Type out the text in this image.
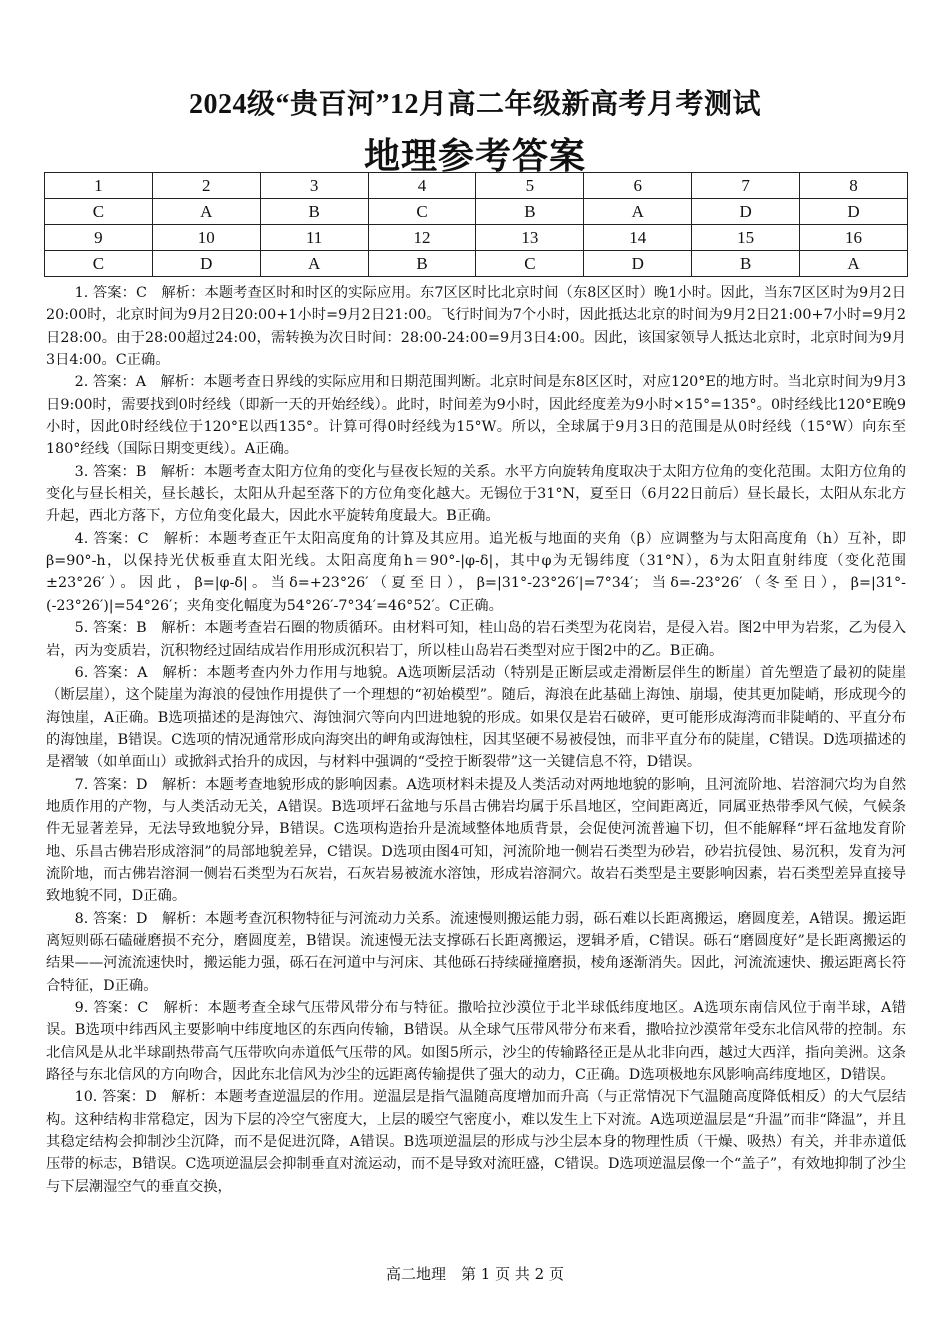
2024级“贵百河”12月高二年级新高考月考测试
地理参考答案
1	2	3	4	5	6	7	8
C	A	B	C	B	A	D	D
9	10	11	12	13	14	15	16
C	D	A	B	C	D	B	A

1. 答案：C　解析：本题考查区时和时区的实际应用。东7区区时比北京时间（东8区区时）晚1小时。因此，当东7区区时为9月2日20:00时，北京时间为9月2日20:00+1小时=9月2日21:00。飞行时间为7个小时，因此抵达北京的时间为9月2日21:00+7小时=9月2日28:00。由于28:00超过24:00，需转换为次日时间：28:00-24:00=9月3日4:00。因此，该国家领导人抵达北京时，北京时间为9月3日4:00。C正确。

2. 答案：A　解析：本题考查日界线的实际应用和日期范围判断。北京时间是东8区区时，对应120°E的地方时。当北京时间为9月3日9:00时，需要找到0时经线（即新一天的开始经线）。此时，时间差为9小时，因此经度差为9小时×15°=135°。0时经线比120°E晚9小时，因此0时经线位于120°E以西135°。计算可得0时经线为15°W。所以，全球属于9月3日的范围是从0时经线（15°W）向东至180°经线（国际日期变更线）。A正确。

3. 答案：B　解析：本题考查太阳方位角的变化与昼夜长短的关系。水平方向旋转角度取决于太阳方位角的变化范围。太阳方位角的变化与昼长相关，昼长越长，太阳从升起至落下的方位角变化越大。无锡位于31°N，夏至日（6月22日前后）昼长最长，太阳从东北方升起，西北方落下，方位角变化最大，因此水平旋转角度最大。B正确。

4. 答案：C　解析：本题考查正午太阳高度角的计算及其应用。追光板与地面的夹角（β）应调整为与太阳高度角（h）互补，即β=90°-h，以保持光伏板垂直太阳光线。太阳高度角h＝90°-|φ-δ|，其中φ为无锡纬度（31°N），δ为太阳直射纬度（变化范围±23°26′）。因此，β=|φ-δ|。当δ=+23°26′（夏至日），β=|31°-23°26′|=7°34′；当δ=-23°26′（冬至日），β=|31°-(-23°26′)|=54°26′；夹角变化幅度为54°26′-7°34′=46°52′。C正确。

5. 答案：B　解析：本题考查岩石圈的物质循环。由材料可知，桂山岛的岩石类型为花岗岩，是侵入岩。图2中甲为岩浆，乙为侵入岩，丙为变质岩，沉积物经过固结成岩作用形成沉积岩丁，所以桂山岛岩石类型对应于图2中的乙。B正确。

6. 答案：A　解析：本题考查内外力作用与地貌。A选项断层活动（特别是正断层或走滑断层伴生的断崖）首先塑造了最初的陡崖（断层崖），这个陡崖为海浪的侵蚀作用提供了一个理想的“初始模型”。随后，海浪在此基础上海蚀、崩塌，使其更加陡峭，形成现今的海蚀崖，A正确。B选项描述的是海蚀穴、海蚀洞穴等向内凹进地貌的形成。如果仅是岩石破碎，更可能形成海湾而非陡峭的、平直分布的海蚀崖，B错误。C选项的情况通常形成向海突出的岬角或海蚀柱，因其坚硬不易被侵蚀，而非平直分布的陡崖，C错误。D选项描述的是褶皱（如单面山）或掀斜式抬升的成因，与材料中强调的“受控于断裂带”这一关键信息不符，D错误。

7. 答案：D　解析：本题考查地貌形成的影响因素。A选项材料未提及人类活动对两地地貌的影响，且河流阶地、岩溶洞穴均为自然地质作用的产物，与人类活动无关，A错误。B选项坪石盆地与乐昌古佛岩均属于乐昌地区，空间距离近，同属亚热带季风气候，气候条件无显著差异，无法导致地貌分异，B错误。C选项构造抬升是流域整体地质背景，会促使河流普遍下切，但不能解释“坪石盆地发育阶地、乐昌古佛岩形成溶洞”的局部地貌差异，C错误。D选项由图4可知，河流阶地一侧岩石类型为砂岩，砂岩抗侵蚀、易沉积，发育为河流阶地，而古佛岩溶洞一侧岩石类型为石灰岩，石灰岩易被流水溶蚀，形成岩溶洞穴。故岩石类型是主要影响因素，岩石类型差异直接导致地貌不同，D正确。

8. 答案：D　解析：本题考查沉积物特征与河流动力关系。流速慢则搬运能力弱，砾石难以长距离搬运，磨圆度差，A错误。搬运距离短则砾石磕碰磨损不充分，磨圆度差，B错误。流速慢无法支撑砾石长距离搬运，逻辑矛盾，C错误。砾石“磨圆度好”是长距离搬运的结果——河流流速快时，搬运能力强，砾石在河道中与河床、其他砾石持续碰撞磨损，棱角逐渐消失。因此，河流流速快、搬运距离长符合特征，D正确。

9. 答案：C　解析：本题考查全球气压带风带分布与特征。撒哈拉沙漠位于北半球低纬度地区。A选项东南信风位于南半球，A错误。B选项中纬西风主要影响中纬度地区的东西向传输，B错误。从全球气压带风带分布来看，撒哈拉沙漠常年受东北信风带的控制。东北信风是从北半球副热带高气压带吹向赤道低气压带的风。如图5所示，沙尘的传输路径正是从北非向西，越过大西洋，指向美洲。这条路径与东北信风的方向吻合，因此东北信风为沙尘的远距离传输提供了强大的动力，C正确。D选项极地东风影响高纬度地区，D错误。

10. 答案：D　解析：本题考查逆温层的作用。逆温层是指气温随高度增加而升高（与正常情况下气温随高度降低相反）的大气层结构。这种结构非常稳定，因为下层的冷空气密度大，上层的暖空气密度小，难以发生上下对流。A选项逆温层是“升温”而非“降温”，并且其稳定结构会抑制沙尘沉降，而不是促进沉降，A错误。B选项逆温层的形成与沙尘层本身的物理性质（干燥、吸热）有关，并非赤道低压带的标志，B错误。C选项逆温层会抑制垂直对流运动，而不是导致对流旺盛，C错误。D选项逆温层像一个“盖子”，有效地抑制了沙尘与下层潮湿空气的垂直交换，

高二地理　第 1 页 共 2 页
